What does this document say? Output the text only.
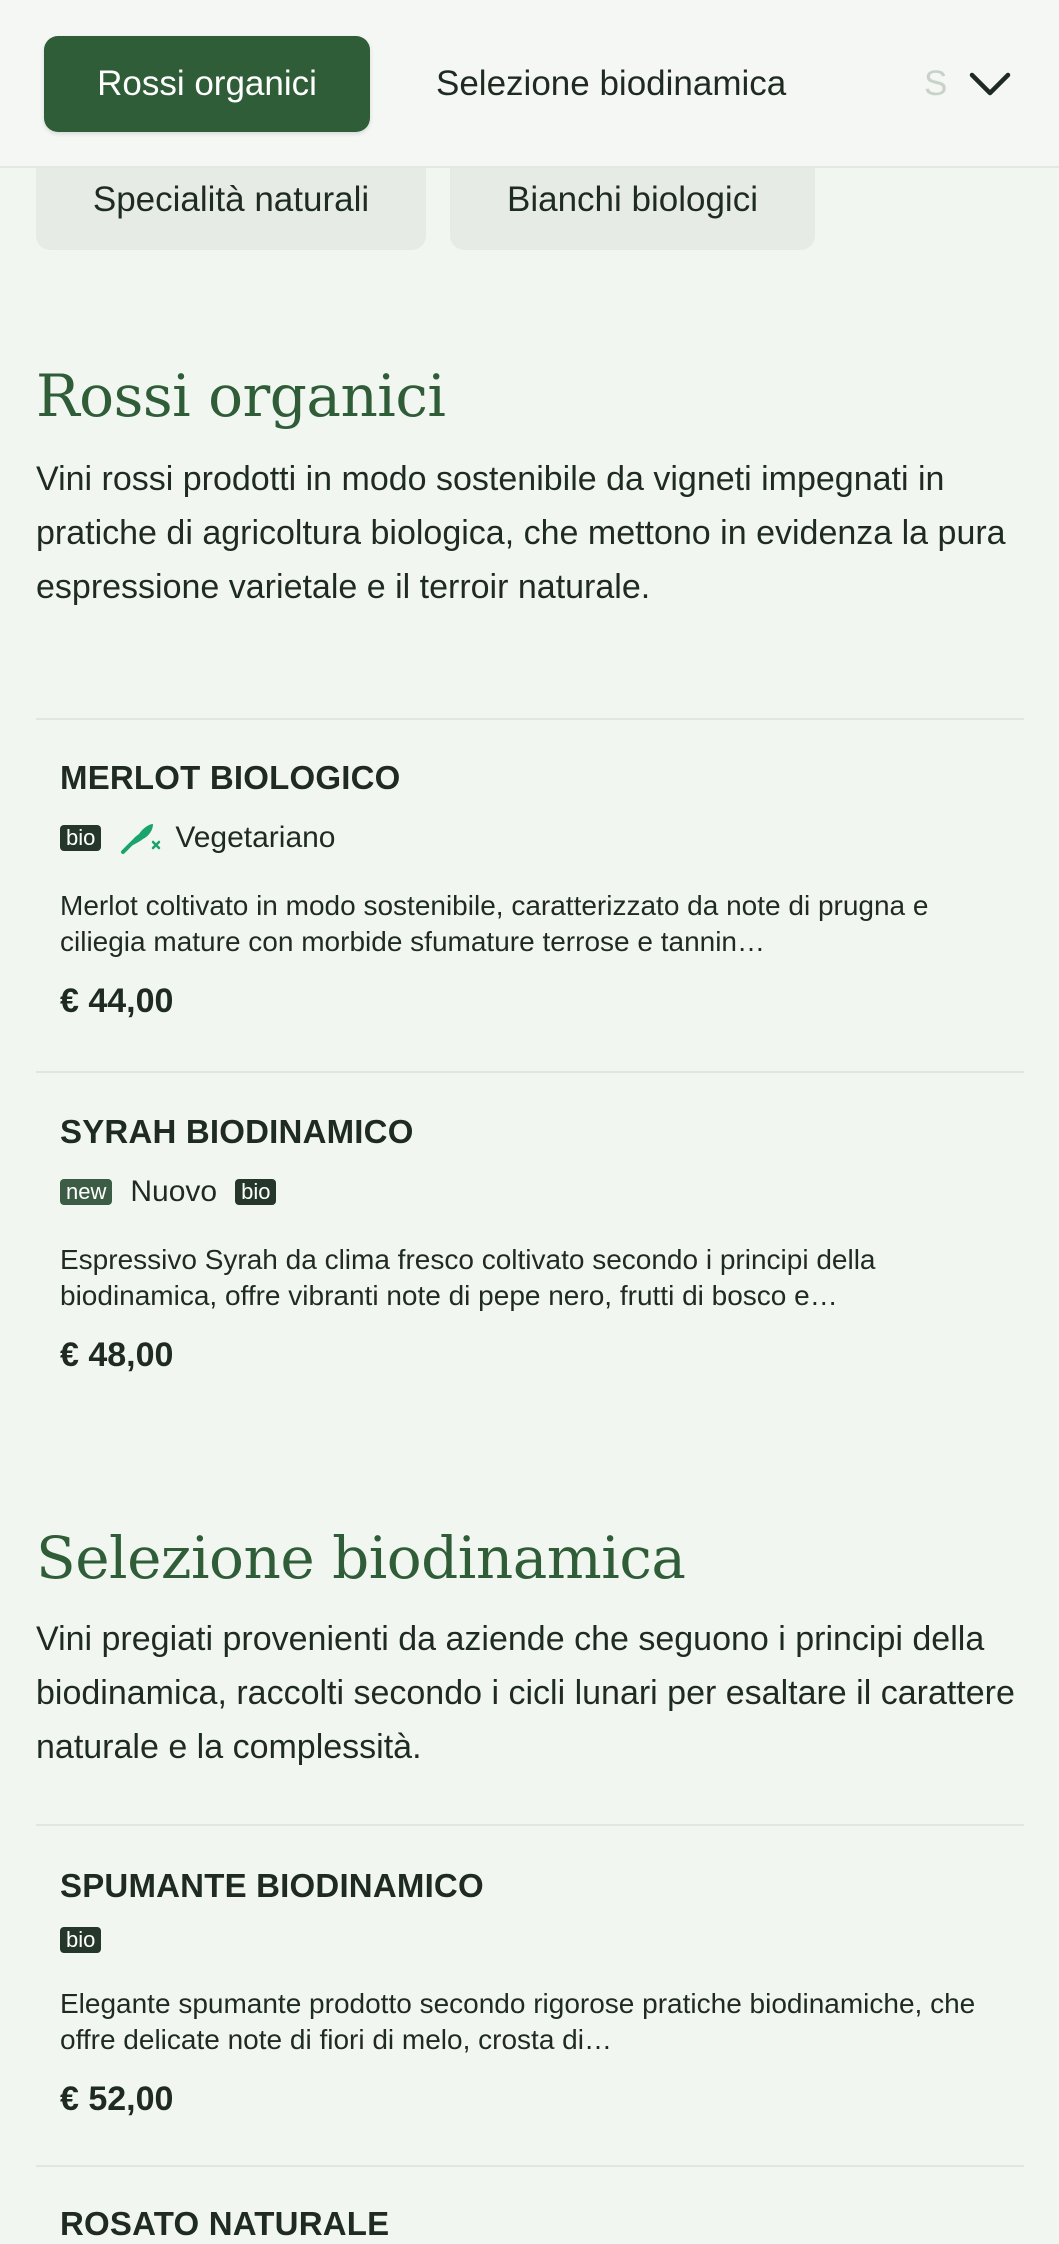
Rossi organici	Selezione biodinamica	S
Specialità naturali	Bianchi biologici
Rossi organici

Vini rossi prodotti in modo sostenibile da vigneti impegnati in pratiche di agricoltura biologica, che mettono in evidenza la pura espressione varietale e il terroir naturale.

MERLOT BIOLOGICO

bio	Vegetariano
Merlot coltivato in modo sostenibile, caratterizzato da note di prugna e ciliegia mature con morbide sfumature terrose e tannin…
€ 44,00

SYRAH BIODINAMICO

new Nuovo bio
Espressivo Syrah da clima fresco coltivato secondo i principi della biodinamica, offre vibranti note di pepe nero, frutti di bosco e…
€ 48,00
Selezione biodinamica

Vini pregiati provenienti da aziende che seguono i principi della biodinamica, raccolti secondo i cicli lunari per esaltare il carattere naturale e la complessità.

SPUMANTE BIODINAMICO

bio
Elegante spumante prodotto secondo rigorose pratiche biodinamiche, che offre delicate note di fiori di melo, crosta di…
€ 52,00

ROSATO NATURALE
